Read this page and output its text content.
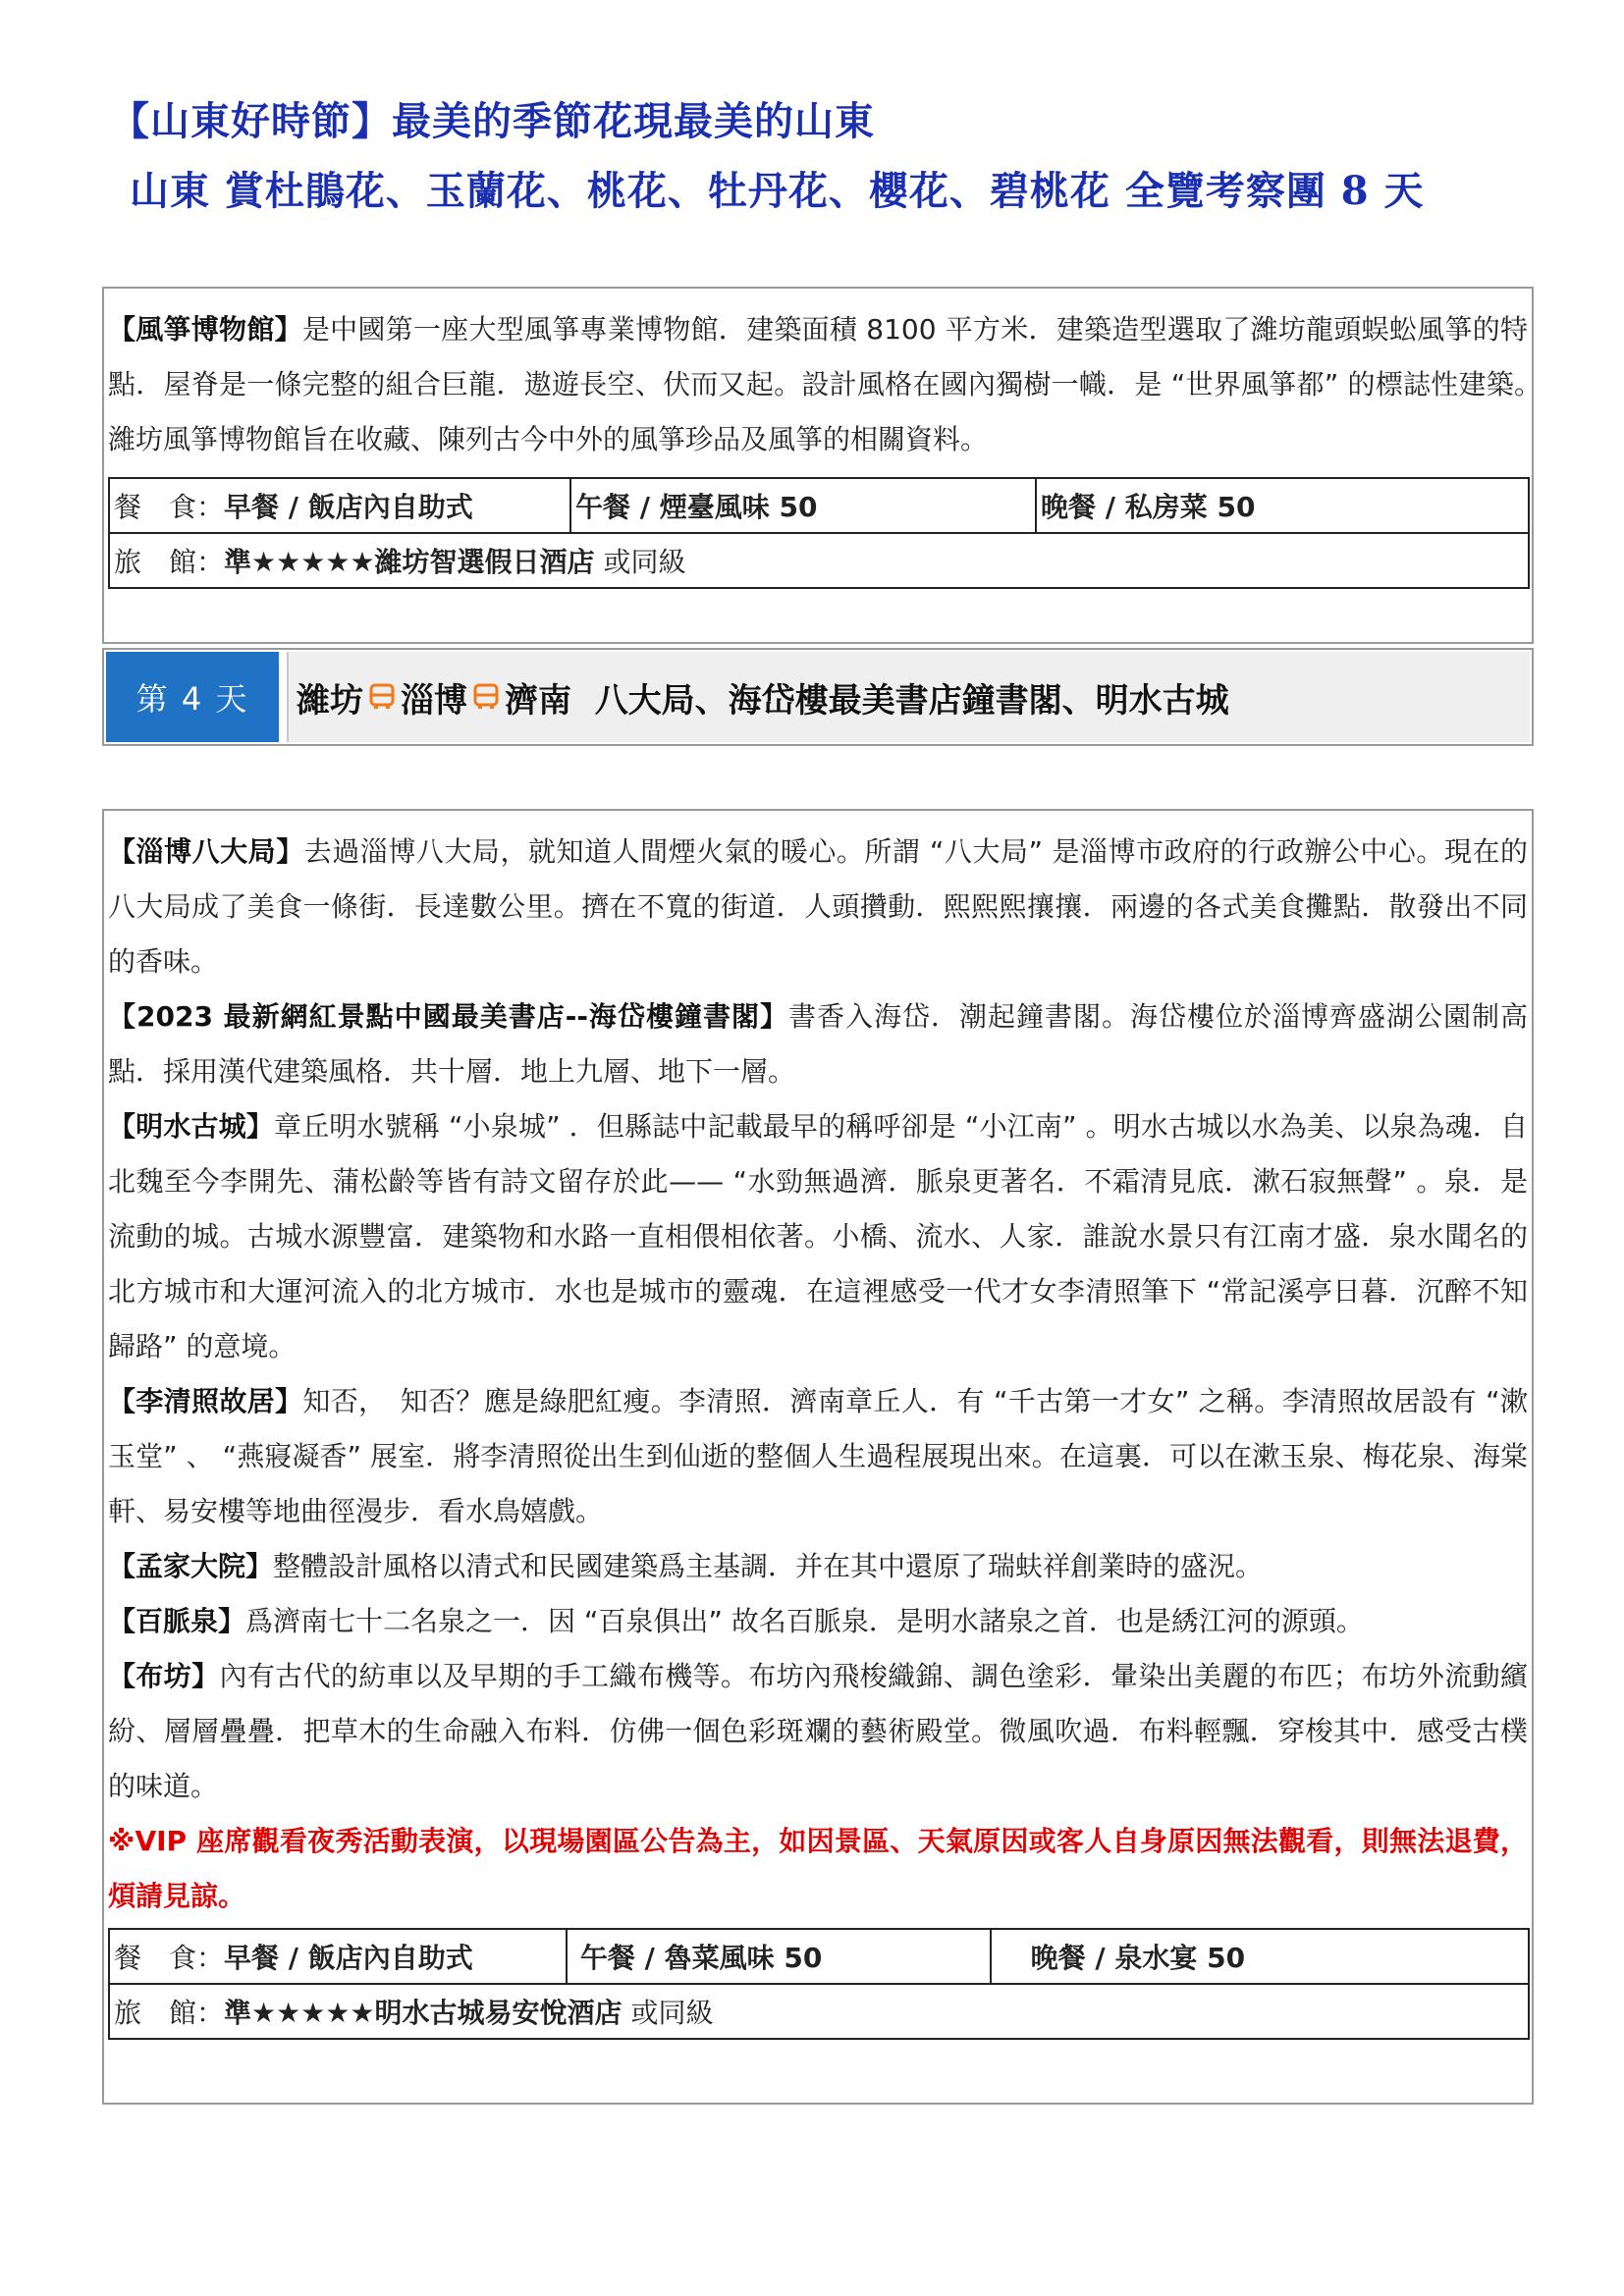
【山東好時節】最美的季節花現最美的山東
山東 賞杜鵑花、玉蘭花、桃花、牡丹花、櫻花、碧桃花 全覽考察團 8 天

【風箏博物館】是中國第一座大型風箏專業博物館．建築面積 8100 平方米．建築造型選取了濰坊龍頭蜈蚣風箏的特點．屋脊是一條完整的組合巨龍．遨遊長空、伏而又起。設計風格在國內獨樹一幟．是 “世界風箏都” 的標誌性建築。　濰坊風箏博物館旨在收藏、陳列古今中外的風箏珍品及風箏的相關資料。

餐　食：早餐 / 飯店內自助式	午餐 / 煙臺風味 50	晚餐 / 私房菜 50
旅　館：準★★★★★濰坊智選假日酒店 或同級
第 4 天	濰坊 淄博 濟南
八大局、海岱樓最美書店鐘書閣、明水古城

【淄博八大局】去過淄博八大局，就知道人間煙火氣的暖心。所謂 “八大局” 是淄博市政府的行政辦公中心。現在的八大局成了美食一條街．長達數公里。擠在不寬的街道．人頭攢動．熙熙熙攘攘．兩邊的各式美食攤點．散發出不同的香味。

【2023 最新網紅景點中國最美書店--海岱樓鐘書閣】書香入海岱．潮起鐘書閣。海岱樓位於淄博齊盛湖公園制高點．採用漢代建築風格．共十層．地上九層、地下一層。

【明水古城】章丘明水號稱 “小泉城” ．但縣誌中記載最早的稱呼卻是 “小江南” 。明水古城以水為美、以泉為魂．自北魏至今李開先、蒲松齡等皆有詩文留存於此—— “水勁無過濟．脈泉更著名．不霜清見底．漱石寂無聲” 。泉．是流動的城。古城水源豐富．建築物和水路一直相偎相依著。小橋、流水、人家．誰說水景只有江南才盛．泉水聞名的北方城市和大運河流入的北方城市．水也是城市的靈魂．在這裡感受一代才女李清照筆下 “常記溪亭日暮．沉醉不知歸路” 的意境。

【李清照故居】知否，　知否？應是綠肥紅瘦。李清照．濟南章丘人．有 “千古第一才女” 之稱。李清照故居設有 “漱玉堂” 、 “燕寢凝香” 展室．將李清照從出生到仙逝的整個人生過程展現出來。在這裏．可以在漱玉泉、梅花泉、海棠軒、易安樓等地曲徑漫步．看水鳥嬉戲。

【孟家大院】整體設計風格以清式和民國建築爲主基調．并在其中還原了瑞蚨祥創業時的盛況。

【百脈泉】爲濟南七十二名泉之一．因 “百泉俱出” 故名百脈泉．是明水諸泉之首．也是綉江河的源頭。

【布坊】內有古代的紡車以及早期的手工織布機等。布坊內飛梭織錦、調色塗彩．暈染出美麗的布匹；布坊外流動繽紛、層層疊疊．把草木的生命融入布料．仿佛一個色彩斑斕的藝術殿堂。微風吹過．布料輕飄．穿梭其中．感受古樸的味道。

※VIP 座席觀看夜秀活動表演，以現場園區公告為主，如因景區、天氣原因或客人自身原因無法觀看，則無法退費，煩請見諒。

餐　食：早餐 / 飯店內自助式	午餐 / 魯菜風味 50	晚餐 / 泉水宴 50
旅　館：準★★★★★明水古城易安悅酒店 或同級
